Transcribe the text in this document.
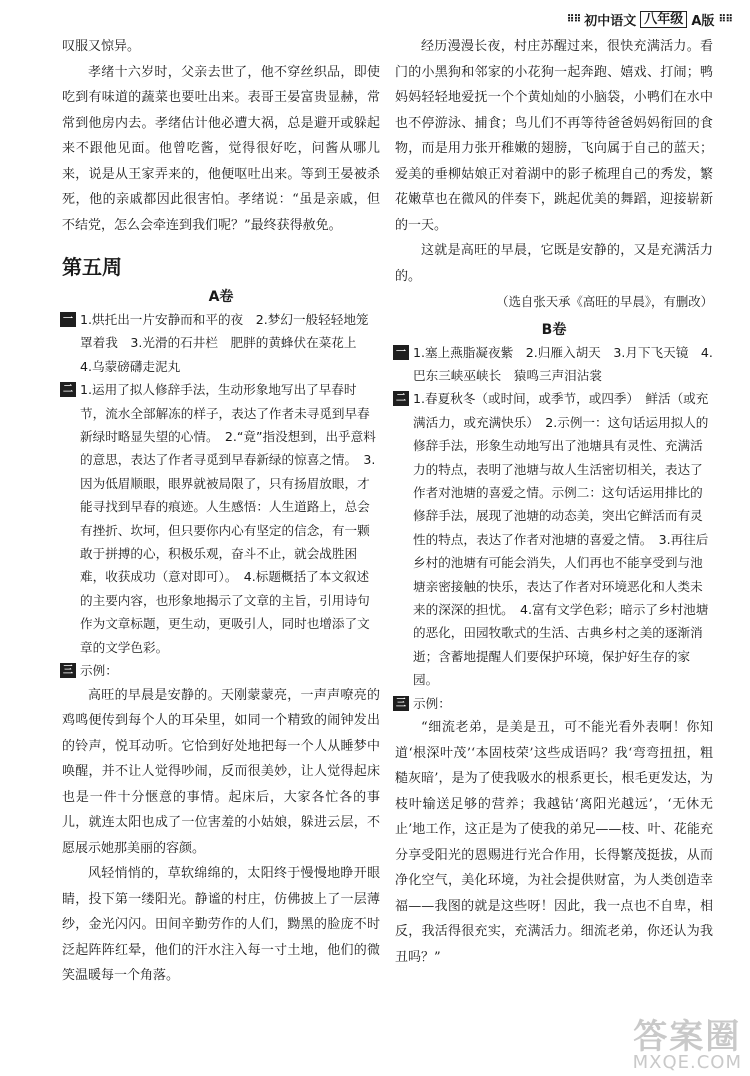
⠿⠿ 初中语文 八年级 A版 ⠿⠿

叹服又惊异。

孝绪十六岁时，父亲去世了，他不穿丝织品，即使吃到有味道的蔬菜也要吐出来。表哥王晏富贵显赫，常常到他房内去。孝绪估计他必遭大祸，总是避开或躲起来不跟他见面。他曾吃酱，觉得很好吃，问酱从哪儿来，说是从王家弄来的，他便呕吐出来。等到王晏被杀死，他的亲戚都因此很害怕。孝绪说：“虽是亲戚，但不结党，怎么会牵连到我们呢？”最终获得赦免。

第五周
A卷
一 1.烘托出一片安静而和平的夜　2.梦幻一般轻轻地笼罩着我　3.光滑的石井栏　肥胖的黄蜂伏在菜花上　4.乌蒙磅礴走泥丸
二 1.运用了拟人修辞手法，生动形象地写出了早春时节，流水全部解冻的样子，表达了作者未寻觅到早春新绿时略显失望的心情。　2.“竟”指没想到，出乎意料的意思，表达了作者寻觅到早春新绿的惊喜之情。　3.因为低眉顺眼，眼界就被局限了，只有扬眉放眼，才能寻找到早春的痕迹。人生感悟：人生道路上，总会有挫折、坎坷，但只要你内心有坚定的信念，有一颗敢于拼搏的心，积极乐观，奋斗不止，就会战胜困难，收获成功（意对即可）。　4.标题概括了本文叙述的主要内容，也形象地揭示了文章的主旨，引用诗句作为文章标题，更生动，更吸引人，同时也增添了文章的文学色彩。
三 示例：

高旺的早晨是安静的。天刚蒙蒙亮，一声声嘹亮的鸡鸣便传到每个人的耳朵里，如同一个精致的闹钟发出的铃声，悦耳动听。它恰到好处地把每一个人从睡梦中唤醒，并不让人觉得吵闹，反而很美妙，让人觉得起床也是一件十分惬意的事情。起床后，大家各忙各的事儿，就连太阳也成了一位害羞的小姑娘，躲进云层，不愿展示她那美丽的容颜。

风轻悄悄的，草软绵绵的，太阳终于慢慢地睁开眼睛，投下第一缕阳光。静谧的村庄，仿佛披上了一层薄纱，金光闪闪。田间辛勤劳作的人们，黝黑的脸庞不时泛起阵阵红晕，他们的汗水注入每一寸土地，他们的微笑温暖每一个角落。

经历漫漫长夜，村庄苏醒过来，很快充满活力。看门的小黑狗和邻家的小花狗一起奔跑、嬉戏、打闹；鸭妈妈轻轻地爱抚一个个黄灿灿的小脑袋，小鸭们在水中也不停游泳、捕食；鸟儿们不再等待爸爸妈妈衔回的食物，而是用力张开稚嫩的翅膀，飞向属于自己的蓝天；爱美的垂柳姑娘正对着湖中的影子梳理自己的秀发，繁花嫩草也在微风的伴奏下，跳起优美的舞蹈，迎接崭新的一天。

这就是高旺的早晨，它既是安静的，又是充满活力的。

（选自张天承《高旺的早晨》，有删改）

B卷
一 1.塞上燕脂凝夜紫　2.归雁入胡天　3.月下飞天镜　4.巴东三峡巫峡长　猿鸣三声泪沾裳
二 1.春夏秋冬（或时间，或季节，或四季）　鲜活（或充满活力，或充满快乐）　2.示例一：这句话运用拟人的修辞手法，形象生动地写出了池塘具有灵性、充满活力的特点，表明了池塘与故人生活密切相关，表达了作者对池塘的喜爱之情。示例二：这句话运用排比的修辞手法，展现了池塘的动态美，突出它鲜活而有灵性的特点，表达了作者对池塘的喜爱之情。　3.再往后乡村的池塘有可能会消失，人们再也不能享受到与池塘亲密接触的快乐，表达了作者对环境恶化和人类未来的深深的担忧。　4.富有文学色彩；暗示了乡村池塘的恶化，田园牧歌式的生活、古典乡村之美的逐渐消逝；含蓄地提醒人们要保护环境，保护好生存的家园。
三 示例：

“细流老弟，是美是丑，可不能光看外表啊！你知道‘根深叶茂’‘本固枝荣’这些成语吗？我‘弯弯扭扭，粗糙灰暗’，是为了使我吸水的根系更长，根毛更发达，为枝叶输送足够的营养；我越钻‘离阳光越远’，‘无休无止’地工作，这正是为了使我的弟兄——枝、叶、花能充分享受阳光的恩赐进行光合作用，长得繁茂挺拔，从而净化空气，美化环境，为社会提供财富，为人类创造幸福——我图的就是这些呀！因此，我一点也不自卑，相反，我活得很充实，充满活力。细流老弟，你还认为我丑吗？”

答案圈
MXQE.COM
